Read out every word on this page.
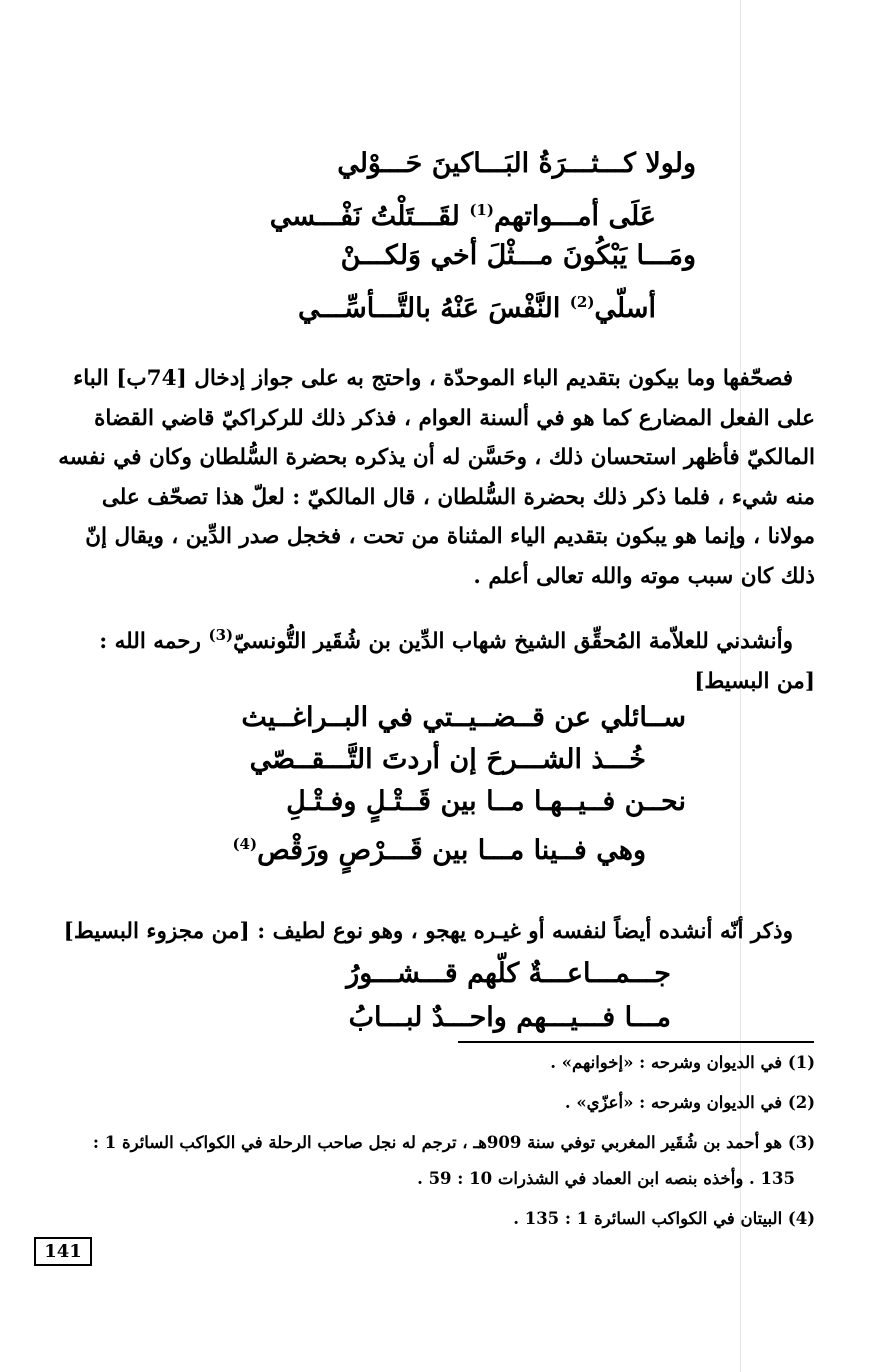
ولولا كـــثـــرَةُ البَـــاكينَ حَـــوْلي
عَلَى أمـــواتهم$^{(1)}$ لقَـــتَلْتُ نَفْـــسي
ومَـــا يَبْكُونَ مـــثْلَ أخي وَلكـــنْ
أسلّي$^{(2)}$ النَّفْسَ عَنْهُ بالتَّـــأسِّـــي
فصحّفها وما بيكون بتقديم الباء الموحدّة ، واحتج به على جواز إدخال [74ب] الباء
على الفعل المضارع كما هو في ألسنة العوام ، فذكر ذلك للركراكيّ قاضي القضاة
المالكيّ فأظهر استحسان ذلك ، وحَسَّن له أن يذكره بحضرة السُّلطان وكان في نفسه
منه شيء ، فلما ذكر ذلك بحضرة السُّلطان ، قال المالكيّ : لعلّ هذا تصحّف على
مولانا ، وإنما هو يبكون بتقديم الياء المثناة من تحت ، فخجل صدر الدِّين ، ويقال إنّ
ذلك كان سبب موته والله تعالى أعلم .
وأنشدني للعلاّمة المُحقِّق الشيخ شهاب الدِّين بن شُقَير التُّونسيّ$^{(3)}$ رحمه الله :
[من البسيط]
ســائلي عن قــضــيــتي في البــراغــيث
خُـــذ الشـــرحَ إن أردتَ التَّـــقــصّي
نحــن فــيــهـا مــا بين قَــتْـلٍ وفـتْـلِ
وهي فــينا مـــا بين قَـــرْصٍ ورَقْص$^{(4)}$
وذكر أنّه أنشده أيضاً لنفسه أو غيـره يهجو ، وهو نوع لطيف : [من مجزوء البسيط]
جـــمـــاعـــةٌ كلّهم قـــشـــورُ
مـــا فـــيـــهم واحـــدٌ لبـــابُ

(1) في الديوان وشرحه : «إخوانهم» .

(2) في الديوان وشرحه : «أعزّي» .

(3) هو أحمد بن شُقَير المغربي توفي سنة 909هـ ، ترجم له نجل صاحب الرحلة في الكواكب السائرة 1 :

135 . وأخذه بنصه ابن العماد في الشذرات 10 : 59 .

(4) البيتان في الكواكب السائرة 1 : 135 .

141
